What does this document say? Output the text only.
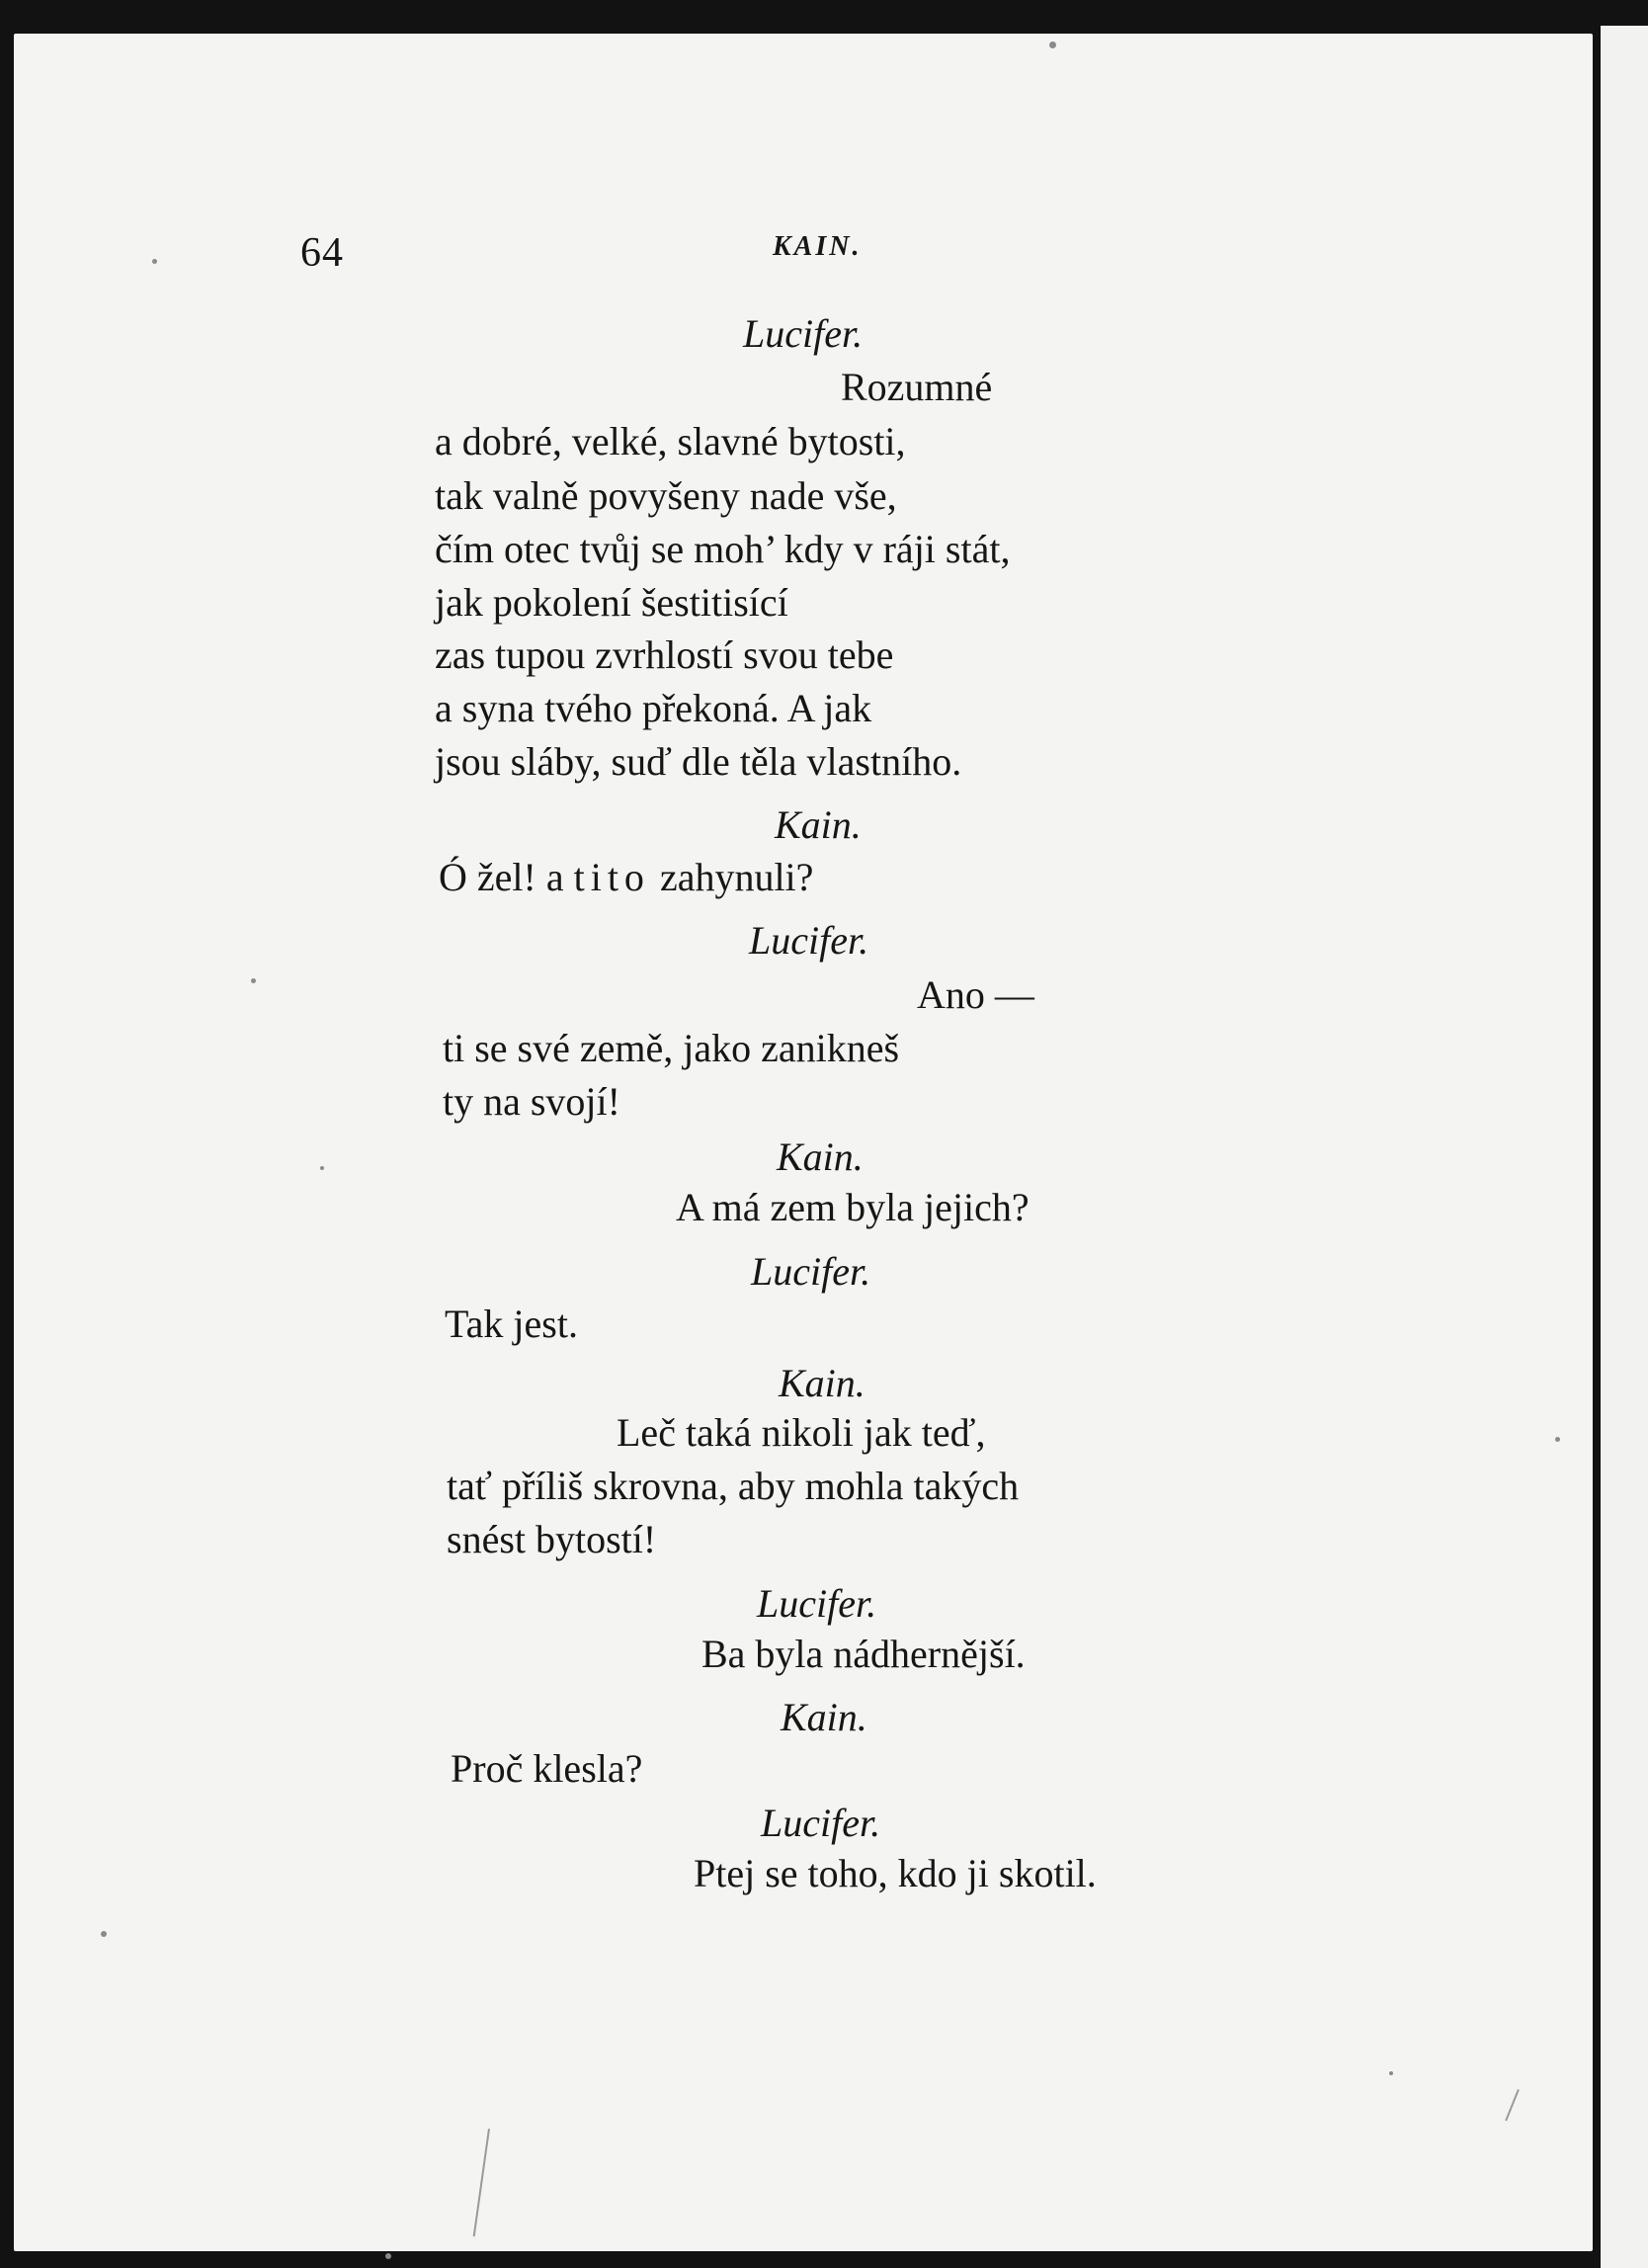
64	KAIN.
Lucifer.
Rozumné
a dobré, velké, slavné bytosti,
tak valně povyšeny nade vše,
čím otec tvůj se moh’ kdy v ráji stát,
jak pokolení šestitisící
zas tupou zvrhlostí svou tebe
a syna tvého překoná. A jak
jsou sláby, suď dle těla vlastního.
Kain.
Ó žel! a tito zahynuli?
Lucifer.
Ano —
ti se své země, jako zanikneš
ty na svojí!
Kain.
A má zem byla jejich?
Lucifer.
Tak jest.
Kain.
Leč taká nikoli jak teď,
tať příliš skrovna, aby mohla takých
snést bytostí!
Lucifer.
Ba byla nádhernější.
Kain.
Proč klesla?
Lucifer.
Ptej se toho, kdo ji skotil.
